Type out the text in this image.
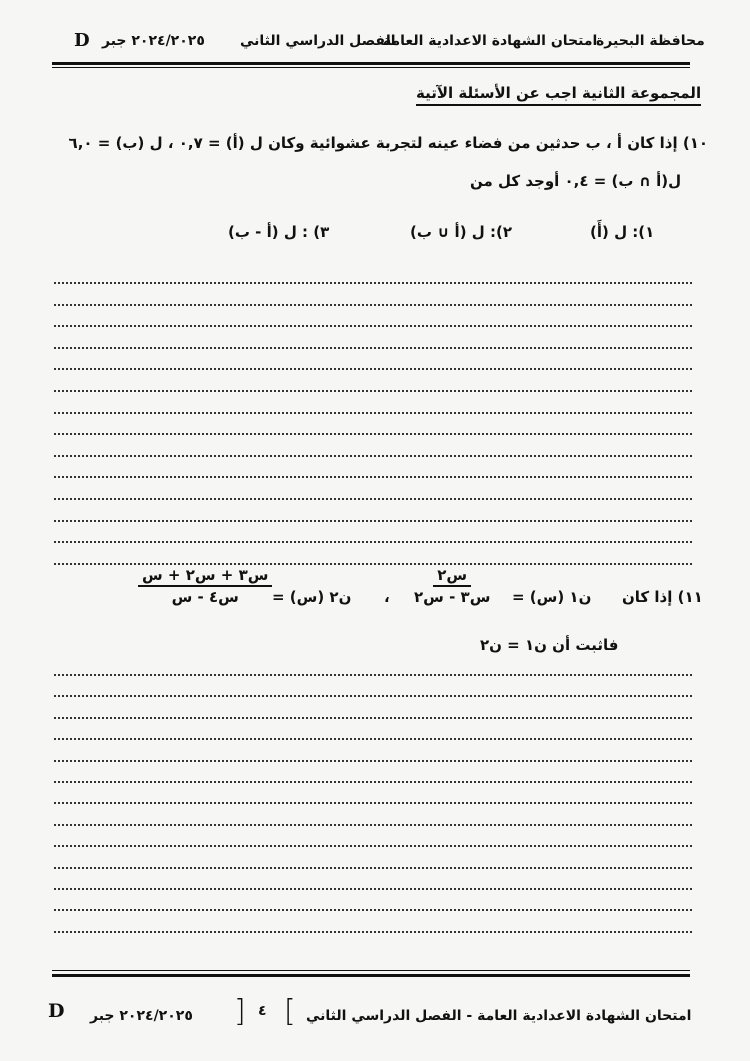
D ٢٠٢٤/٢٠٢٥ جبر	الفصل الدراسي الثاني
امتحان الشهادة الاعدادية العامة
محافظة البحيرة
المجموعة الثانية اجب عن الأسئلة الآتية
١٠) إذا كان أ ، ب حدثين من فضاء عينه لتجربة عشوائية وكان ل (أ) = ٠,٧ ، ل (ب) = ٦,٠
ل(أ ∩ ب) = ٠,٤ أوجد كل من
١): ل (أَ)
٢): ل (أ ∪ ب)
٣) : ل (أ - ب)
١١) إذا كان
ن١ (س) =
س٢
س٣ - س٢
،
ن٢ (س) =
س٣ + س٢ + س
س٤ - س
فاثبت أن ن١ = ن٢
D ٢٠٢٤/٢٠٢٥ جبر ] ٤ [ امتحان الشهادة الاعدادية العامة - الفصل الدراسي الثاني
